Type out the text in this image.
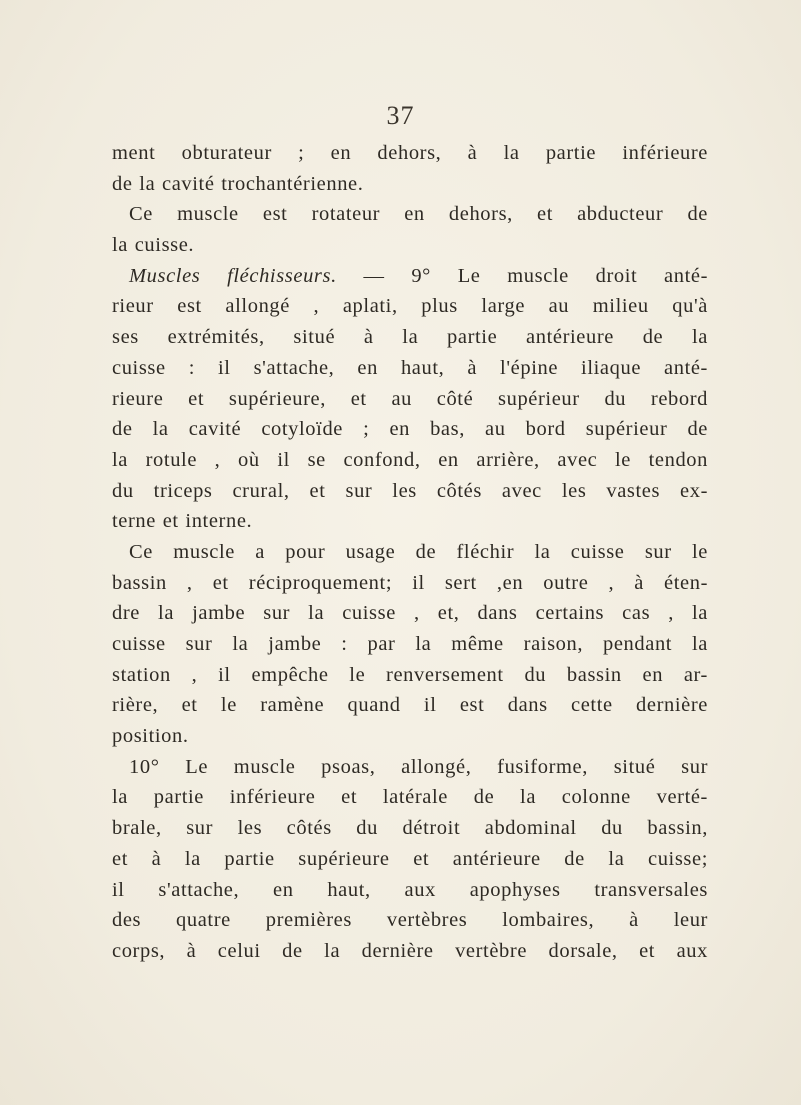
37
ment obturateur ; en dehors, à la partie inférieure
de la cavité trochantérienne.
Ce muscle est rotateur en dehors, et abducteur de
la cuisse.
Muscles fléchisseurs. — 9° Le muscle droit anté-
rieur est allongé , aplati, plus large au milieu qu'à
ses extrémités, situé à la partie antérieure de la
cuisse : il s'attache, en haut, à l'épine iliaque anté-
rieure et supérieure, et au côté supérieur du rebord
de la cavité cotyloïde ; en bas, au bord supérieur de
la rotule , où il se confond, en arrière, avec le tendon
du triceps crural, et sur les côtés avec les vastes ex-
terne et interne.
Ce muscle a pour usage de fléchir la cuisse sur le
bassin , et réciproquement; il sert ,en outre , à éten-
dre la jambe sur la cuisse , et, dans certains cas , la
cuisse sur la jambe : par la même raison, pendant la
station , il empêche le renversement du bassin en ar-
rière, et le ramène quand il est dans cette dernière
position.
10° Le muscle psoas, allongé, fusiforme, situé sur
la partie inférieure et latérale de la colonne verté-
brale, sur les côtés du détroit abdominal du bassin,
et à la partie supérieure et antérieure de la cuisse;
il s'attache, en haut, aux apophyses transversales
des quatre premières vertèbres lombaires, à leur
corps, à celui de la dernière vertèbre dorsale, et aux
